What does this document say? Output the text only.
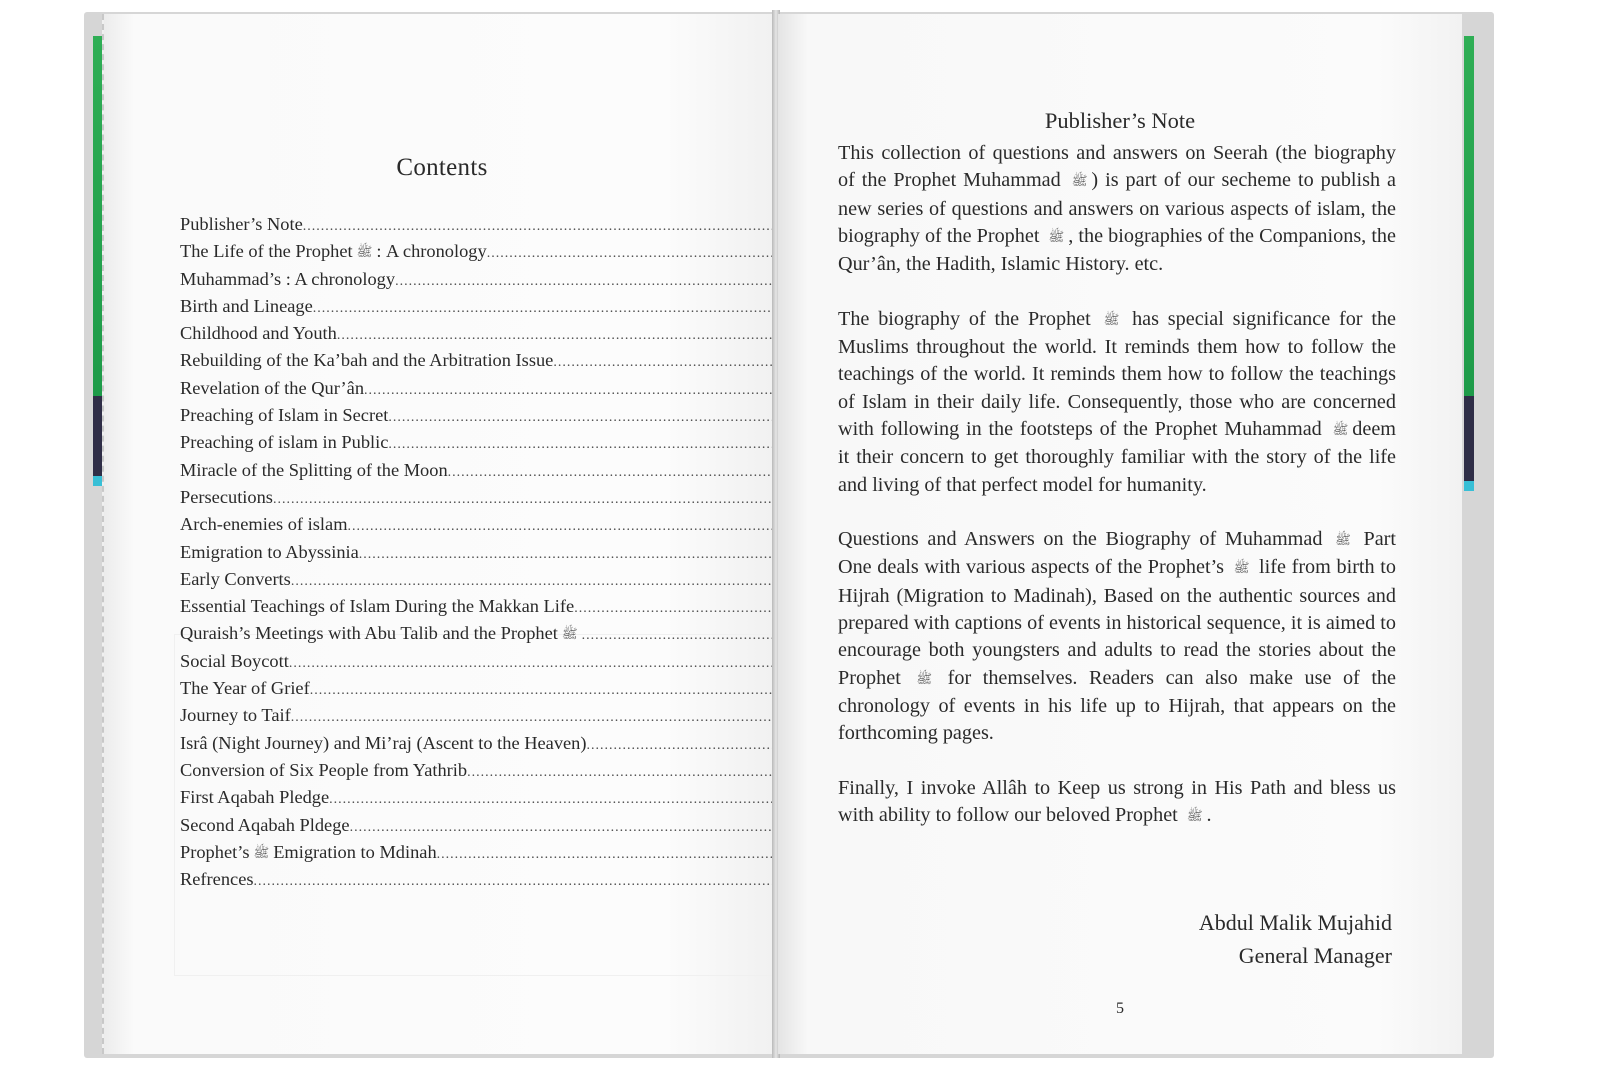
Contents
Publisher’s Note
.....
The Life of the Prophet ﷺ : A chronology
.....
Muhammad’s : A chronology
.....
Birth and Lineage
.....
Childhood and Youth
.....
Rebuilding of the Ka’bah and the Arbitration Issue
.....
Revelation of the Qur’ân
.....
Preaching of Islam in Secret
.....
Preaching of islam in Public
.....
Miracle of the Splitting of the Moon
.....
Persecutions
.....
Arch-enemies of islam
.....
Emigration to Abyssinia
.....
Early Converts
.....
Essential Teachings of Islam During the Makkan Life
.....
Quraish’s Meetings with Abu Talib and the Prophet ﷺ
.....
Social Boycott
.....
The Year of Grief
.....
Journey to Taif
.....
Isrâ (Night Journey) and Mi’raj (Ascent to the Heaven)
.....
Conversion of Six People from Yathrib
.....
First Aqabah Pledge
.....
Second Aqabah Pldege
.....
Prophet’s ﷺ Emigration to Mdinah
.....
Refrences
.....
Publisher’s Note

This collection of questions and answers on Seerah (the biography of the Prophet Muhammad ﷺ ) is part of our secheme to publish a new series of questions and answers on various aspects of islam, the biography of the Prophet ﷺ , the biographies of the Companions, the Qur’ân, the Hadith, Islamic History. etc.

The biography of the Prophet ﷺ has special significance for the Muslims throughout the world. It reminds them how to follow the teachings of the world. It reminds them how to follow the teachings of Islam in their daily life. Consequently, those who are concerned with following in the footsteps of the Prophet Muhammad ﷺ deem it their concern to get thoroughly familiar with the story of the life and living of that perfect model for humanity.

Questions and Answers on the Biography of Muhammad ﷺ Part One deals with various aspects of the Prophet’s ﷺ life from birth to Hijrah (Migration to Madinah), Based on the authentic sources and prepared with captions of events in historical sequence, it is aimed to encourage both youngsters and adults to read the stories about the Prophet ﷺ for themselves. Readers can also make use of the chronology of events in his life up to Hijrah, that appears on the forthcoming pages.

Finally, I invoke Allâh to Keep us strong in His Path and bless us with ability to follow our beloved Prophet ﷺ .

Abdul Malik Mujahid
General Manager
5
